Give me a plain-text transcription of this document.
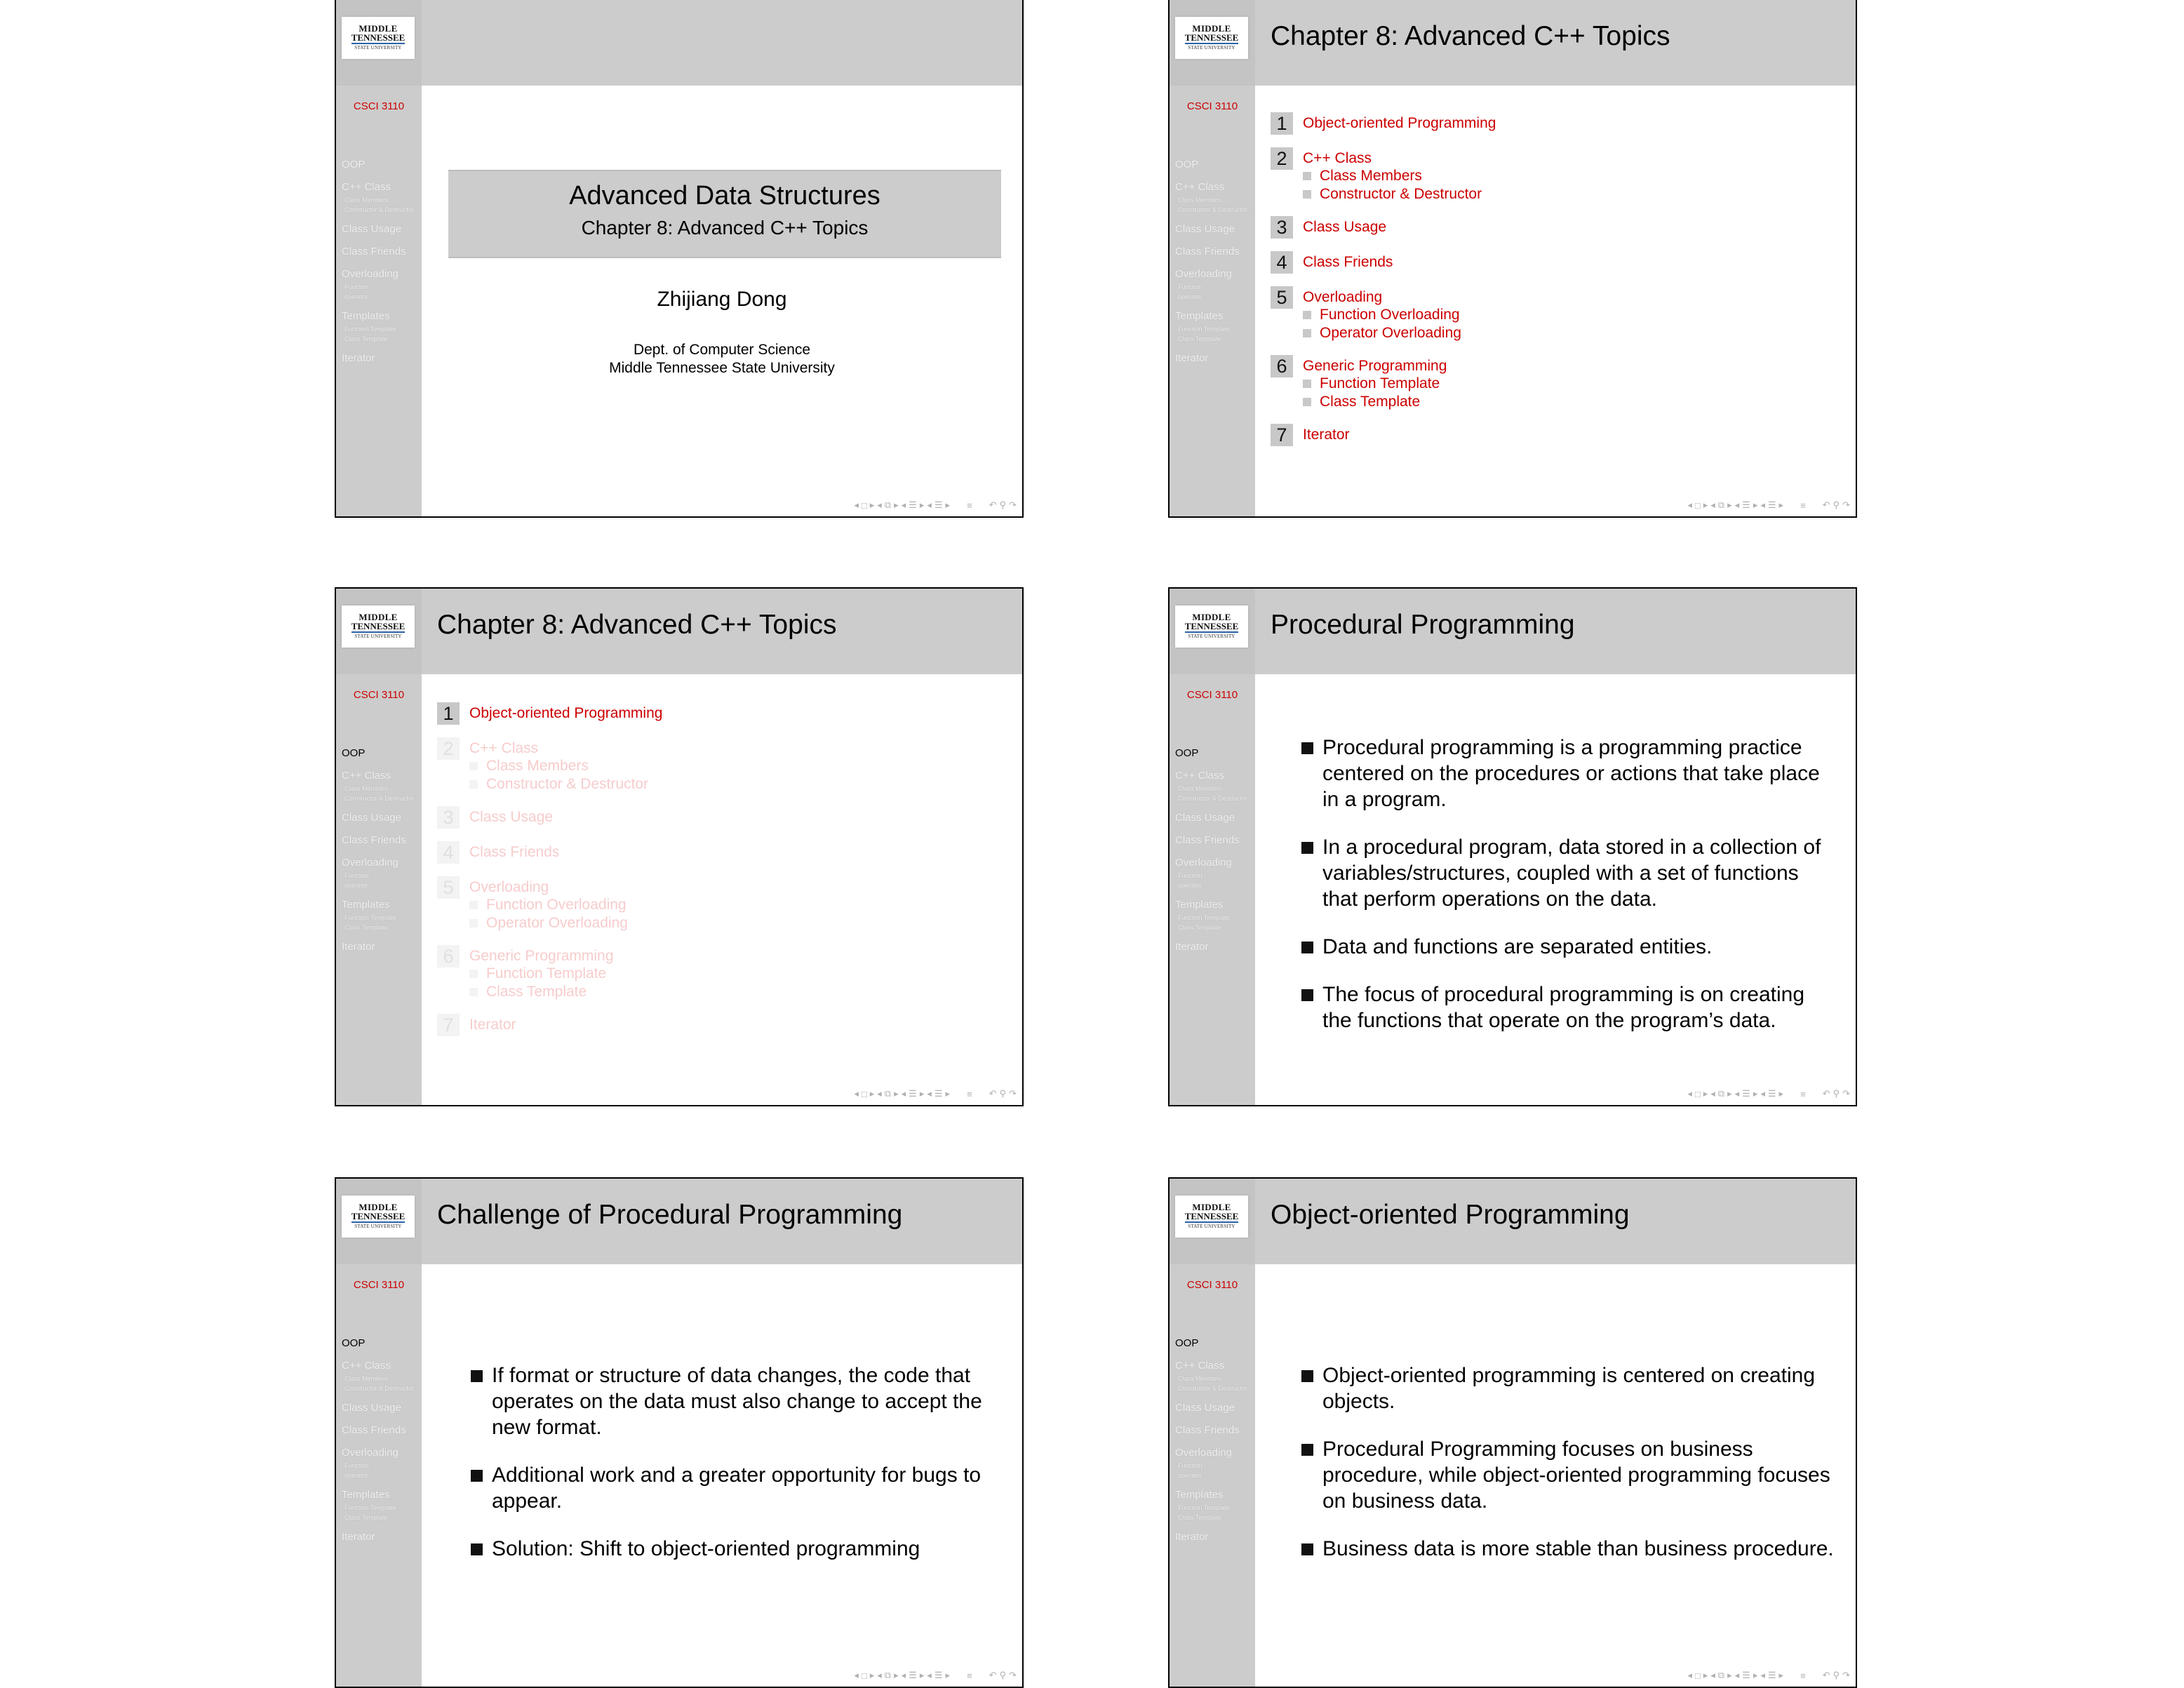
MIDDLE
TENNESSEE
STATE UNIVERSITY
CSCI 3110
OOP
C++ Class
Class Members
Constructor & Destructor
Class Usage
Class Friends
Overloading
Function
operator
Templates
Function Template
Class Template
Iterator
Advanced Data Structures
Chapter 8: Advanced C++ Topics
Zhijiang Dong
Dept. of Computer Science
Middle Tennessee State University
◂ □ ▸ ◂ ⧉ ▸ ◂ ☰ ▸ ◂ ☰ ▸ ≡ ↶ ⚲ ↷
MIDDLE
TENNESSEE
STATE UNIVERSITY
CSCI 3110
OOP
C++ Class
Class Members
Constructor & Destructor
Class Usage
Class Friends
Overloading
Function
operator
Templates
Function Template
Class Template
Iterator
Chapter 8: Advanced C++ Topics
1	Object-oriented Programming
2	C++ Class
Class Members
Constructor & Destructor
3	Class Usage
4	Class Friends
5	Overloading
Function Overloading
Operator Overloading
6	Generic Programming
Function Template
Class Template
7	Iterator
◂ □ ▸ ◂ ⧉ ▸ ◂ ☰ ▸ ◂ ☰ ▸ ≡ ↶ ⚲ ↷
MIDDLE
TENNESSEE
STATE UNIVERSITY
CSCI 3110
OOP
C++ Class
Class Members
Constructor & Destructor
Class Usage
Class Friends
Overloading
Function
operator
Templates
Function Template
Class Template
Iterator
Chapter 8: Advanced C++ Topics
1	Object-oriented Programming
2	C++ Class
Class Members
Constructor & Destructor
3	Class Usage
4	Class Friends
5	Overloading
Function Overloading
Operator Overloading
6	Generic Programming
Function Template
Class Template
7	Iterator
◂ □ ▸ ◂ ⧉ ▸ ◂ ☰ ▸ ◂ ☰ ▸ ≡ ↶ ⚲ ↷
MIDDLE
TENNESSEE
STATE UNIVERSITY
CSCI 3110
OOP
C++ Class
Class Members
Constructor & Destructor
Class Usage
Class Friends
Overloading
Function
operator
Templates
Function Template
Class Template
Iterator
Procedural Programming
Procedural programming is a programming practice centered on the procedures or actions that take place in a program.
In a procedural program, data stored in a collection of variables/structures, coupled with a set of functions that perform operations on the data.
Data and functions are separated entities.
The focus of procedural programming is on creating the functions that operate on the program’s data.
◂ □ ▸ ◂ ⧉ ▸ ◂ ☰ ▸ ◂ ☰ ▸ ≡ ↶ ⚲ ↷
MIDDLE
TENNESSEE
STATE UNIVERSITY
CSCI 3110
OOP
C++ Class
Class Members
Constructor & Destructor
Class Usage
Class Friends
Overloading
Function
operator
Templates
Function Template
Class Template
Iterator
Challenge of Procedural Programming
If format or structure of data changes, the code that operates on the data must also change to accept the new format.
Additional work and a greater opportunity for bugs to appear.
Solution: Shift to object-oriented programming
◂ □ ▸ ◂ ⧉ ▸ ◂ ☰ ▸ ◂ ☰ ▸ ≡ ↶ ⚲ ↷
MIDDLE
TENNESSEE
STATE UNIVERSITY
CSCI 3110
OOP
C++ Class
Class Members
Constructor & Destructor
Class Usage
Class Friends
Overloading
Function
operator
Templates
Function Template
Class Template
Iterator
Object-oriented Programming
Object-oriented programming is centered on creating objects.
Procedural Programming focuses on business procedure, while object-oriented programming focuses on business data.
Business data is more stable than business procedure.
◂ □ ▸ ◂ ⧉ ▸ ◂ ☰ ▸ ◂ ☰ ▸ ≡ ↶ ⚲ ↷
